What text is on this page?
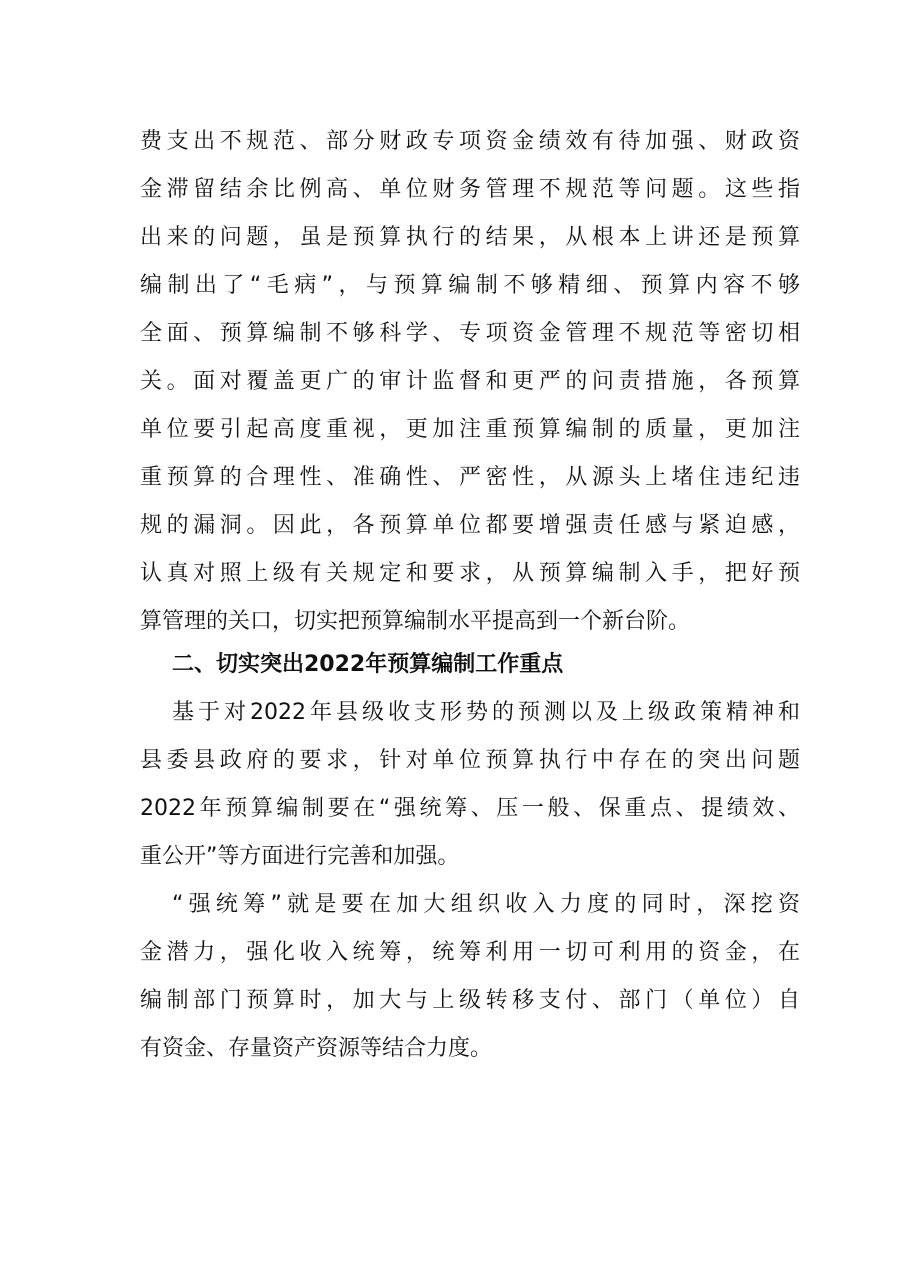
费支出不规范、部分财政专项资金绩效有待加强、财政资
金滞留结余比例高、单位财务管理不规范等问题。这些指
出来的问题，虽是预算执行的结果，从根本上讲还是预算
编制出了“毛病”，与预算编制不够精细、预算内容不够
全面、预算编制不够科学、专项资金管理不规范等密切相
关。面对覆盖更广的审计监督和更严的问责措施，各预算
单位要引起高度重视，更加注重预算编制的质量，更加注
重预算的合理性、准确性、严密性，从源头上堵住违纪违
规的漏洞。因此，各预算单位都要增强责任感与紧迫感，
认真对照上级有关规定和要求，从预算编制入手，把好预
算管理的关口，切实把预算编制水平提高到一个新台阶。
二、切实突出2022年预算编制工作重点
基于对2022年县级收支形势的预测以及上级政策精神和
县委县政府的要求，针对单位预算执行中存在的突出问题
2022年预算编制要在“强统筹、压一般、保重点、提绩效、
重公开”等方面进行完善和加强。
“强统筹”就是要在加大组织收入力度的同时，深挖资
金潜力，强化收入统筹，统筹利用一切可利用的资金，在
编制部门预算时，加大与上级转移支付、部门（单位）自
有资金、存量资产资源等结合力度。
